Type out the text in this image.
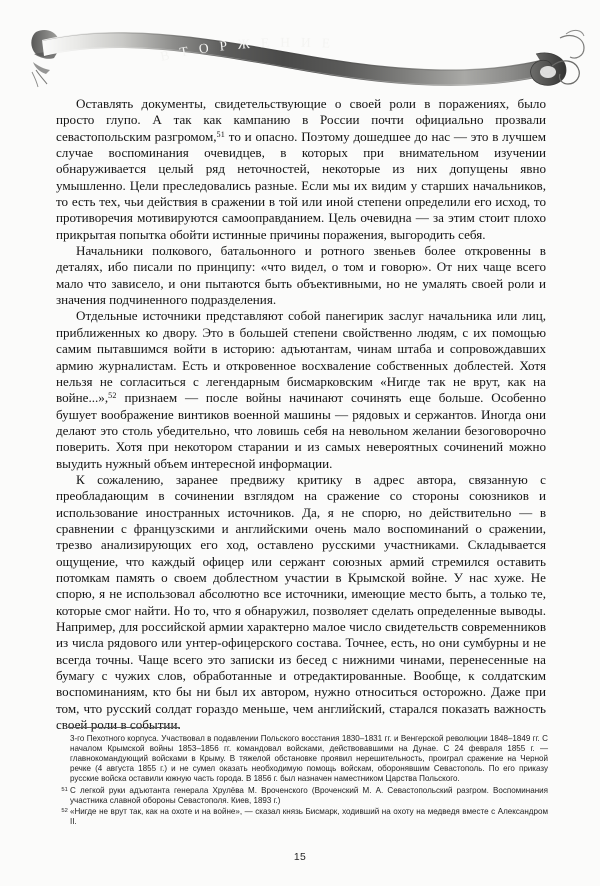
ВТОРЖЕНИЕ

Оставлять документы, свидетельствующие о своей роли в поражениях, было просто глупо. А так как кампанию в России почти официально прозвали севастопольским разгромом,$^{51}$ то и опасно. Поэтому дошедшее до нас — это в лучшем случае воспоминания очевидцев, в которых при внимательном изучении обнаруживается целый ряд неточностей, некоторые из них допущены явно умышленно. Цели преследовались разные. Если мы их видим у старших начальников, то есть тех, чьи действия в сражении в той или иной степени определили его исход, то противоречия мотивируются самооправданием. Цель очевидна — за этим стоит плохо прикрытая попытка обойти истинные причины поражения, выгородить себя.

Начальники полкового, батальонного и ротного звеньев более откровенны в деталях, ибо писали по принципу: «что видел, о том и говорю». От них чаще всего мало что зависело, и они пытаются быть объективными, но не умалять своей роли и значения подчиненного подразделения.

Отдельные источники представляют собой панегирик заслуг начальника или лиц, приближенных ко двору. Это в большей степени свойственно людям, с их помощью самим пытавшимся войти в историю: адъютантам, чинам штаба и сопровождавших армию журналистам. Есть и откровенное восхваление собственных доблестей. Хотя нельзя не согласиться с легендарным бисмарковским «Нигде так не врут, как на войне...»,$^{52}$ признаем — после войны начинают сочинять еще больше. Особенно бушует воображение винтиков военной машины — рядовых и сержантов. Иногда они делают это столь убедительно, что ловишь себя на невольном желании безоговорочно поверить. Хотя при некотором старании и из самых невероятных сочинений можно выудить нужный объем интересной информации.

К сожалению, заранее предвижу критику в адрес автора, связанную с преобладающим в сочинении взглядом на сражение со стороны союзников и использование иностранных источников. Да, я не спорю, но действительно — в сравнении с французскими и английскими очень мало воспоминаний о сражении, трезво анализирующих его ход, оставлено русскими участниками. Складывается ощущение, что каждый офицер или сержант союзных армий стремился оставить потомкам память о своем доблестном участии в Крымской войне. У нас хуже. Не спорю, я не использовал абсолютно все источники, имеющие место быть, а только те, которые смог найти. Но то, что я обнаружил, позволяет сделать определенные выводы. Например, для российской армии характерно малое число свидетельств современников из числа рядового или унтер-офицерского состава. Точнее, есть, но они сумбурны и не всегда точны. Чаще всего это записки из бесед с нижними чинами, перенесенные на бумагу с чужих слов, обработанные и отредактированные. Вообще, к солдатским воспоминаниям, кто бы ни был их автором, нужно относиться осторожно. Даже при том, что русский солдат гораздо меньше, чем английский, старался показать важность своей роли в событии.

3-го Пехотного корпуса. Участвовал в подавлении Польского восстания 1830–1831 гг. и Венгерской революции 1848–1849 гг. С началом Крымской войны 1853–1856 гг. командовал войсками, действовавшими на Дунае. С 24 февраля 1855 г. — главнокомандующий войсками в Крыму. В тяжелой обстановке проявил нерешительность, проиграл сражение на Черной речке (4 августа 1855 г.) и не сумел оказать необходимую помощь войскам, оборонявшим Севастополь. По его приказу русские войска оставили южную часть города. В 1856 г. был назначен наместником Царства Польского.
51 С легкой руки адъютанта генерала Хрулёва М. Вроченского (Вроченский М. А. Севастопольский разгром. Воспоминания участника славной обороны Севастополя. Киев, 1893 г.)
52 «Нигде не врут так, как на охоте и на войне», — сказал князь Бисмарк, ходивший на охоту на медведя вместе с Александром II.
15
